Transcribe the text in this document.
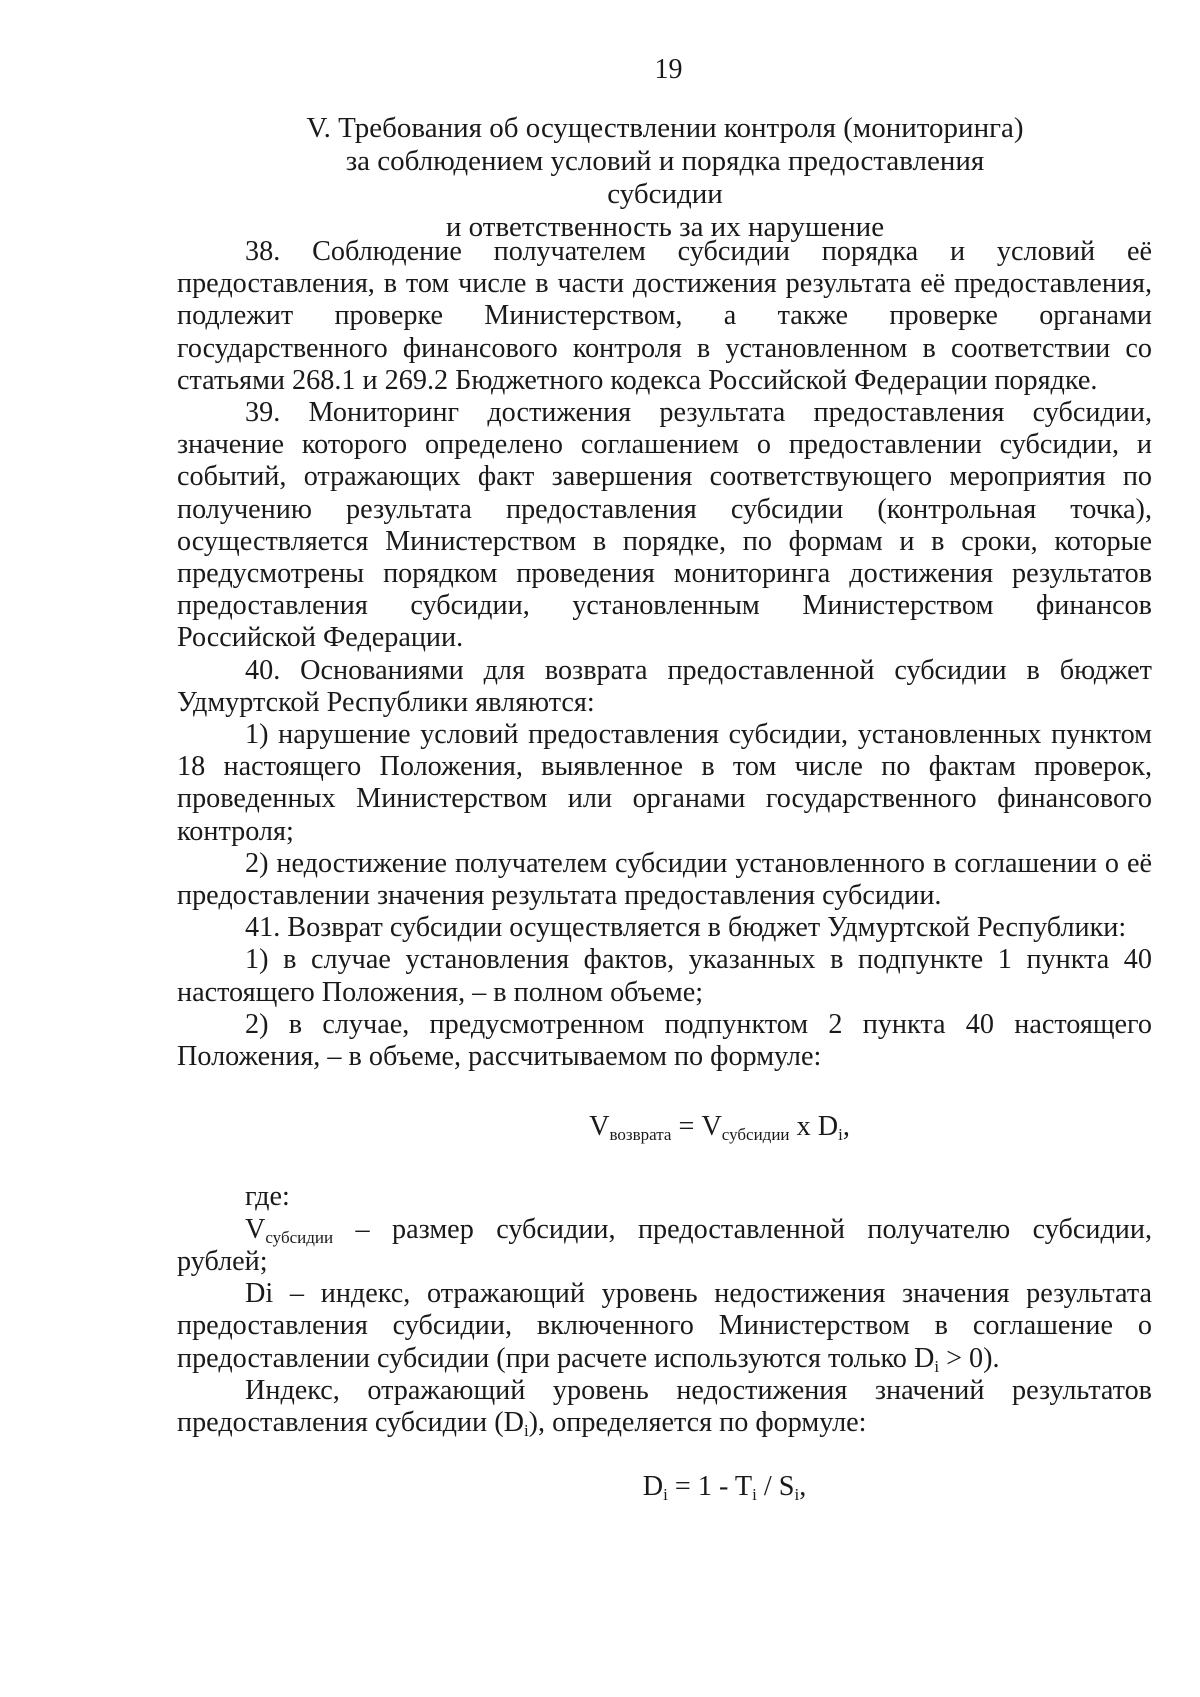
19
V. Требования об осуществлении контроля (мониторинга)
за соблюдением условий и порядка предоставления субсидии
и ответственность за их нарушение

38. Соблюдение получателем субсидии порядка и условий её предоставления, в том числе в части достижения результата её предоставления, подлежит проверке Министерством, а также проверке органами государственного финансового контроля в установленном в соответствии со статьями 268.1 и 269.2 Бюджетного кодекса Российской Федерации порядке.

39. Мониторинг достижения результата предоставления субсидии, значение которого определено соглашением о предоставлении субсидии, и событий, отражающих факт завершения соответствующего мероприятия по получению результата предоставления субсидии (контрольная точка), осуществляется Министерством в порядке, по формам и в сроки, которые предусмотрены порядком проведения мониторинга достижения результатов предоставления субсидии, установленным Министерством финансов Российской Федерации.

40. Основаниями для возврата предоставленной субсидии в бюджет Удмуртской Республики являются:

1) нарушение условий предоставления субсидии, установленных пунктом 18 настоящего Положения, выявленное в том числе по фактам проверок, проведенных Министерством или органами государственного финансового контроля;

2) недостижение получателем субсидии установленного в соглашении о её предоставлении значения результата предоставления субсидии.

41. Возврат субсидии осуществляется в бюджет Удмуртской Республики:

1) в случае установления фактов, указанных в подпункте 1 пункта 40 настоящего Положения, – в полном объеме;

2) в случае, предусмотренном подпунктом 2 пункта 40 настоящего Положения, – в объеме, рассчитываемом по формуле:

$V_{возврата} = V_{субсидии}$ x $D_i$,

где:

$V_{субсидии}$ – размер субсидии, предоставленной получателю субсидии, рублей;

Di – индекс, отражающий уровень недостижения значения результата предоставления субсидии, включенного Министерством в соглашение о предоставлении субсидии (при расчете используются только $D_i > 0$).

Индекс, отражающий уровень недостижения значений результатов предоставления субсидии $(D_i)$, определяется по формуле:

$D_i = 1 - T_i / S_i$,
